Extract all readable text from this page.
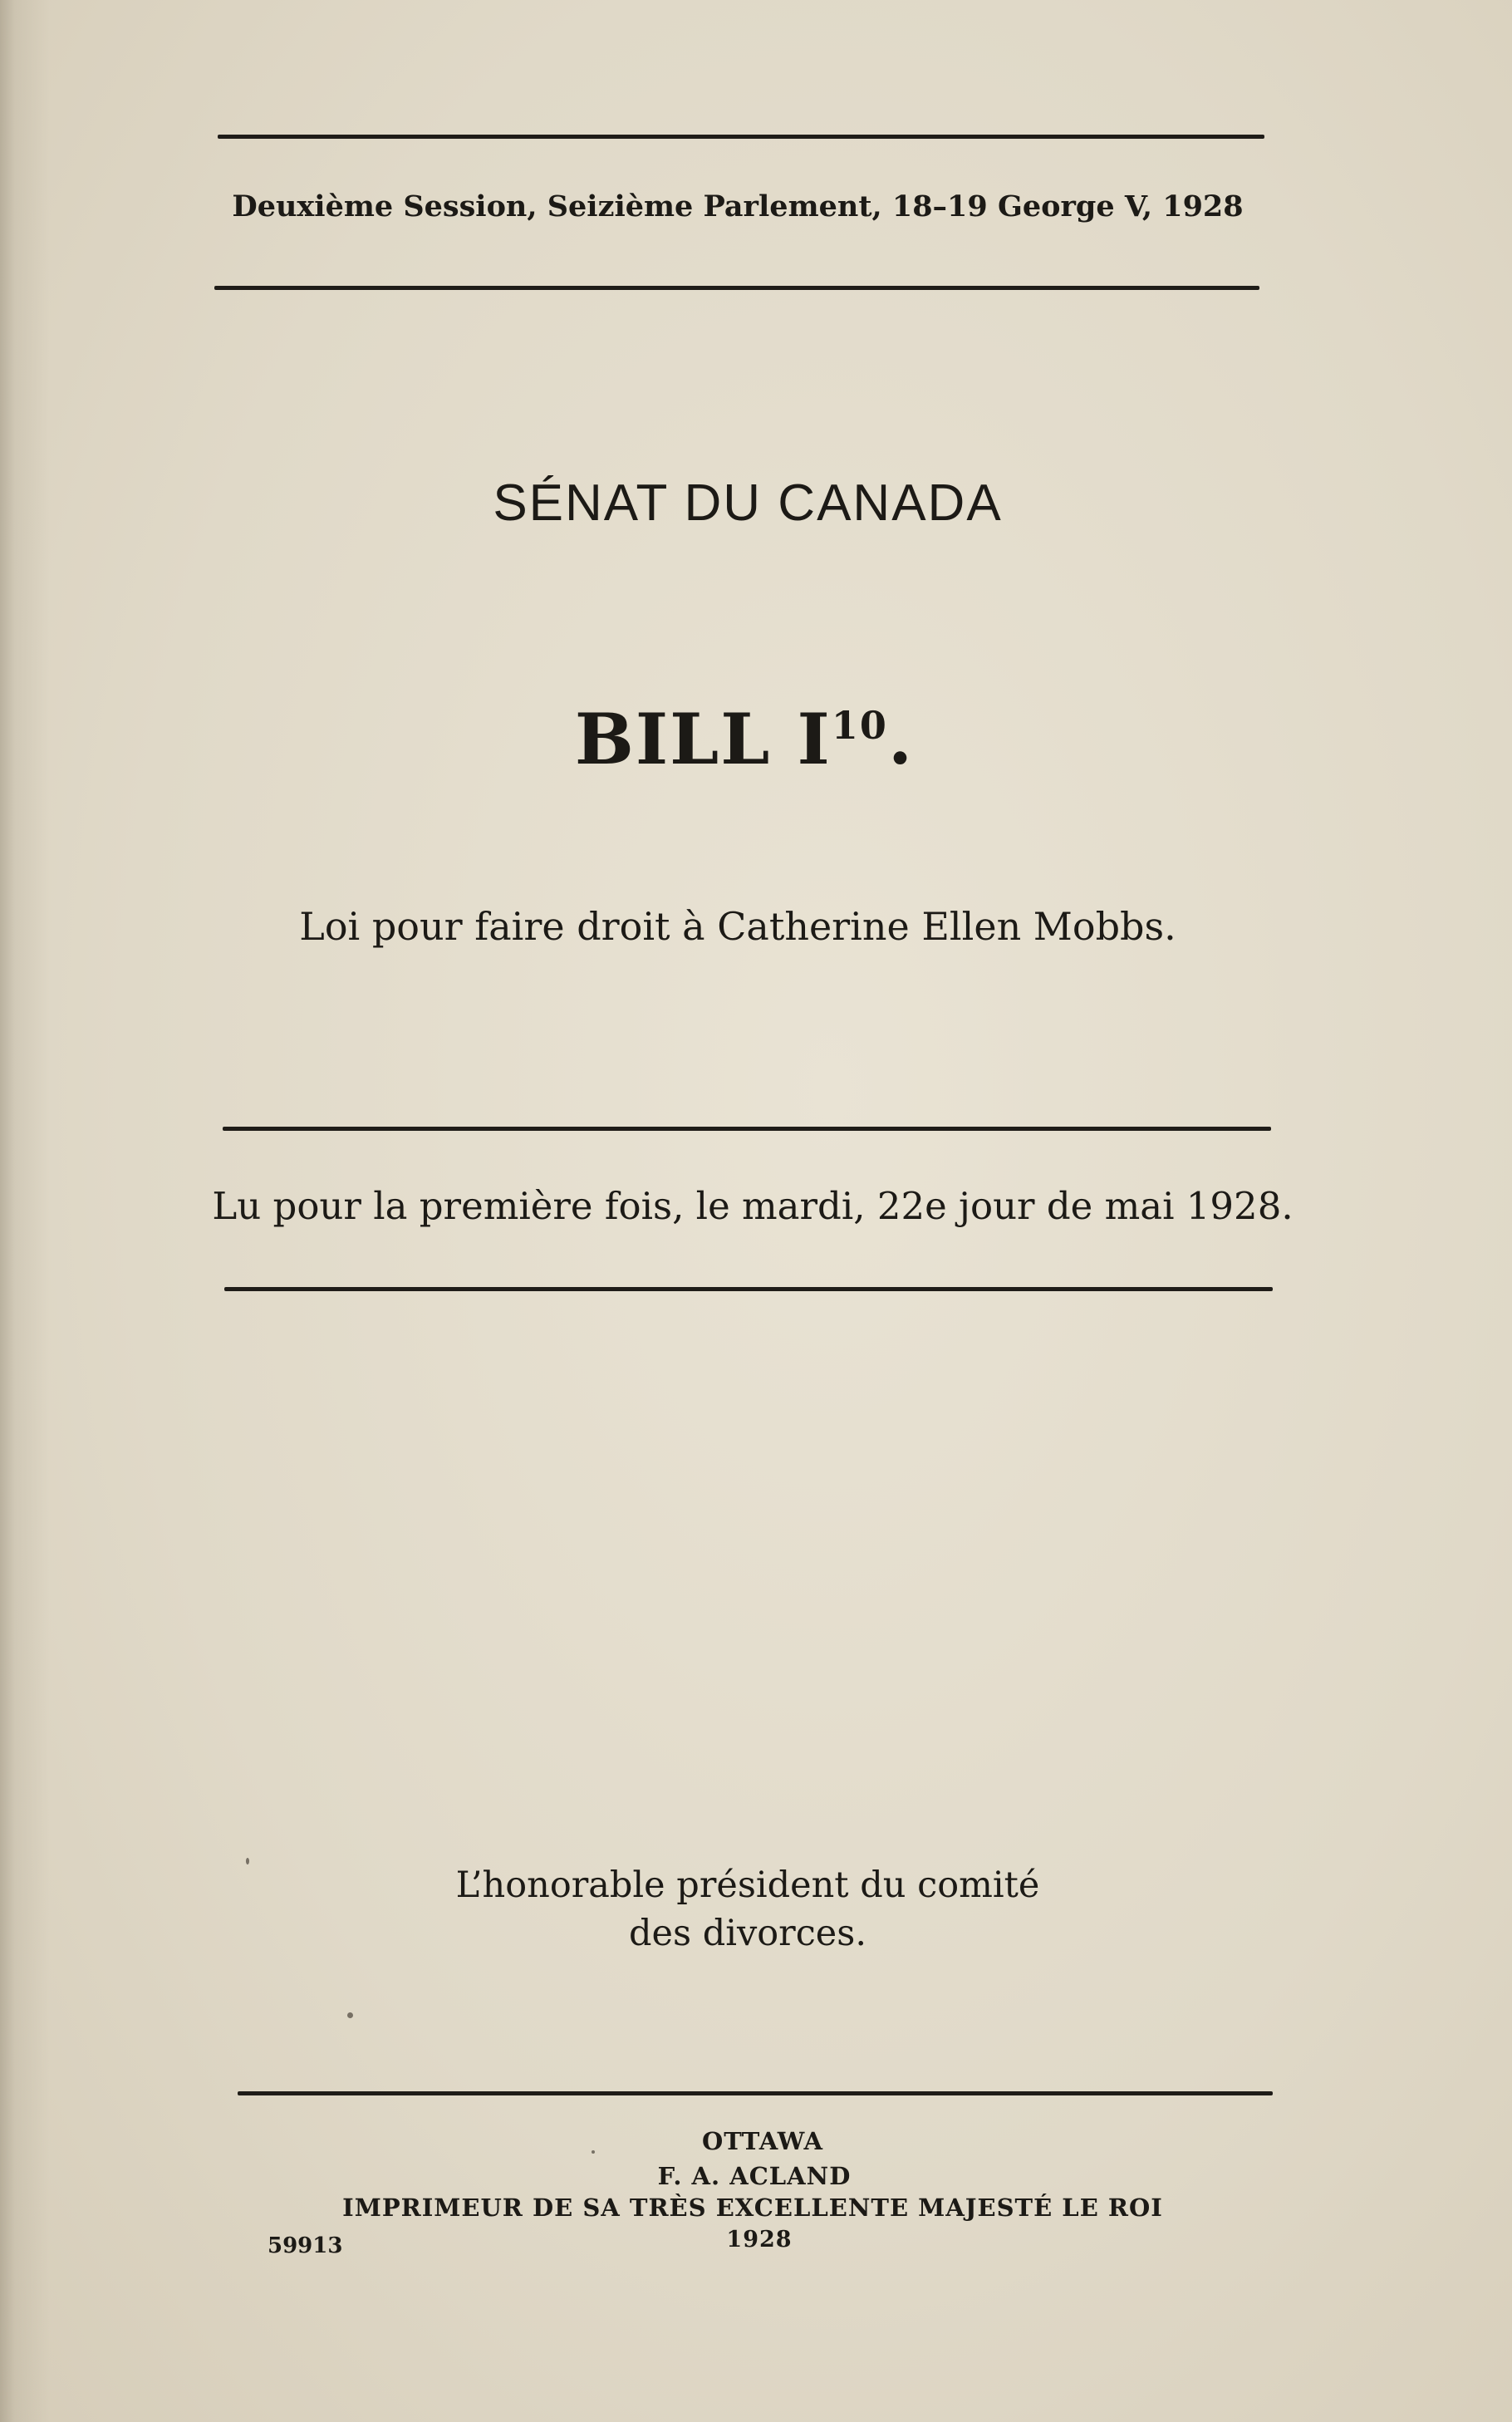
Deuxième Session, Seizième Parlement, 18–19 George V, 1928
SÉNAT DU CANADA
BILL $I^{10}$.
Loi pour faire droit à Catherine Ellen Mobbs.
Lu pour la première fois, le mardi, 22e jour de mai 1928.
L’honorable président du comité
des divorces.
OTTAWA
F. A. ACLAND
IMPRIMEUR DE SA TRÈS EXCELLENTE MAJESTÉ LE ROI
1928
59913
